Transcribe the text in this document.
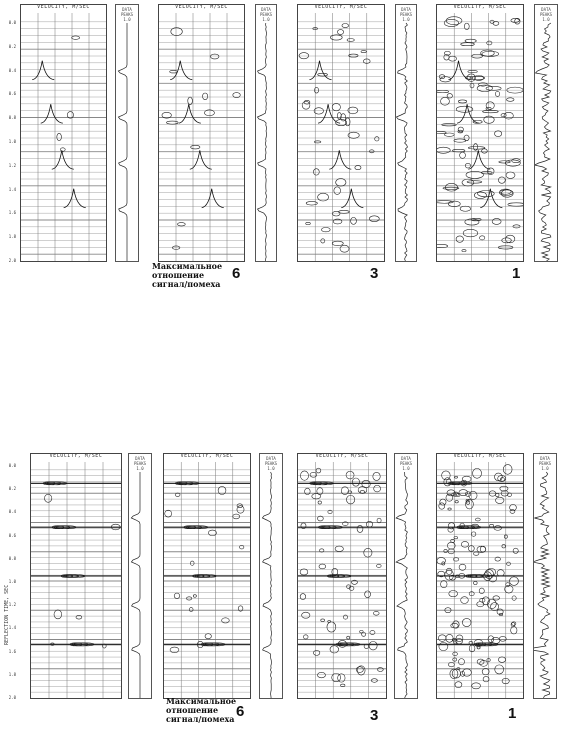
0.0
0.2
0.4
0.6
0.8
1.0
1.2
1.4
1.6
1.8
2.0
VELOCITY, M/SEC	DATA
PEAKS
1.0
VELOCITY, M/SEC	DATA
PEAKS
1.0
VELOCITY, M/SEC	DATA
PEAKS
1.0
VELOCITY, M/SEC	DATA
PEAKS
1.0
Максимальное
отношение
сигнал/помеха
6	3	1
0.0
0.2
0.4
0.6
0.8
1.0
1.2
1.4
1.6
1.8
2.0
REFLECTION TIME, SEC
VELOCITY, M/SEC	DATA
PEAKS
1.0
VELOCITY, M/SEC	DATA
PEAKS
1.0
VELOCITY, M/SEC	DATA
PEAKS
1.0
VELOCITY, M/SEC	DATA
PEAKS
1.0
Максимальное
отношение
сигнал/помеха 6	3	1
